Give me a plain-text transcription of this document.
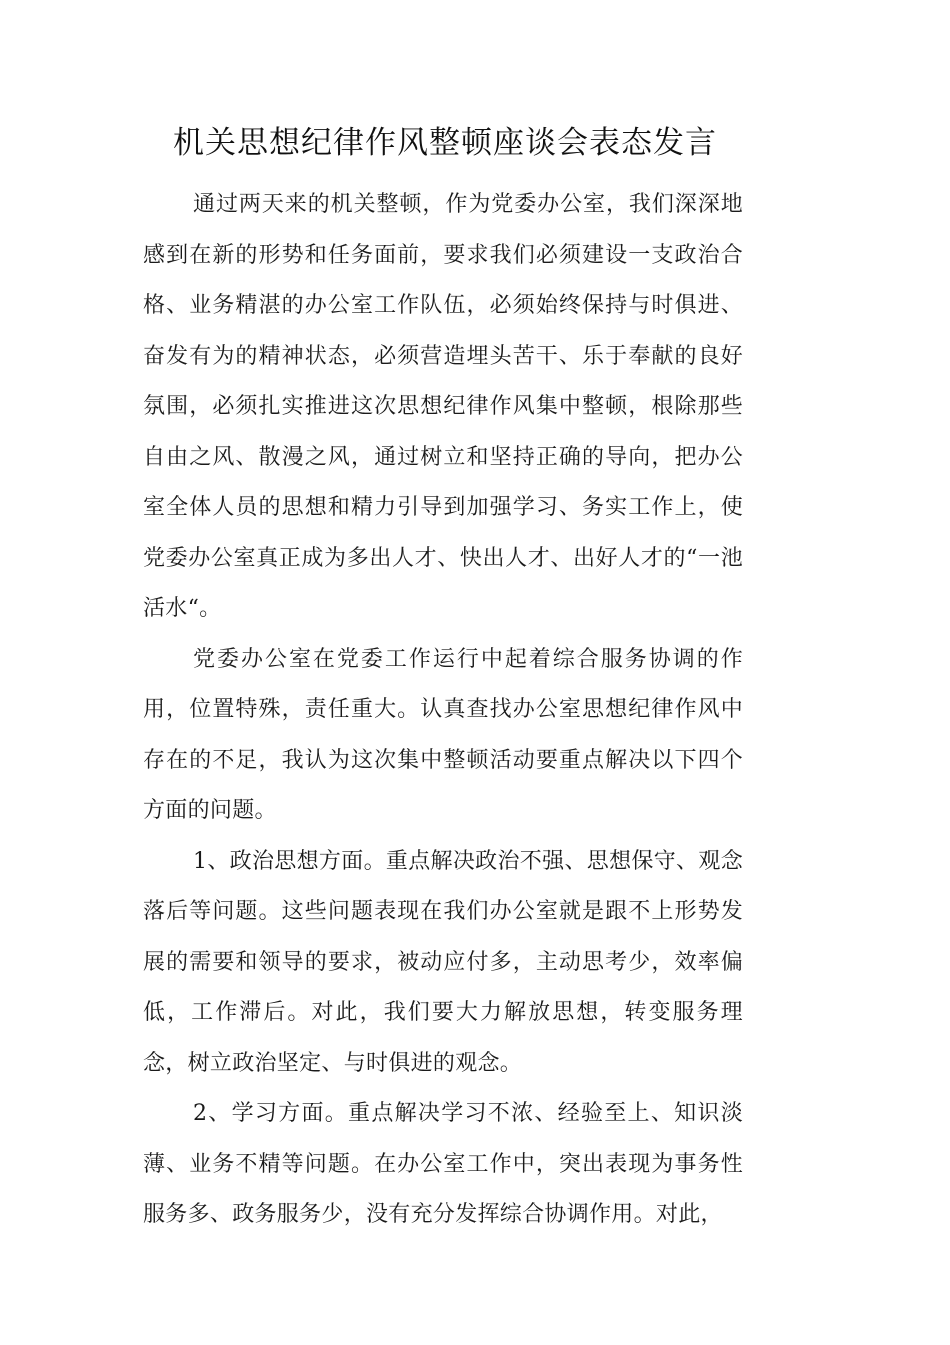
机关思想纪律作风整顿座谈会表态发言

通过两天来的机关整顿，作为党委办公室，我们深深地感到在新的形势和任务面前，要求我们必须建设一支政治合格、业务精湛的办公室工作队伍，必须始终保持与时俱进、奋发有为的精神状态，必须营造埋头苦干、乐于奉献的良好氛围，必须扎实推进这次思想纪律作风集中整顿，根除那些自由之风、散漫之风，通过树立和坚持正确的导向，把办公室全体人员的思想和精力引导到加强学习、务实工作上，使党委办公室真正成为多出人才、快出人才、出好人才的“一池活水“。

党委办公室在党委工作运行中起着综合服务协调的作用，位置特殊，责任重大。认真查找办公室思想纪律作风中存在的不足，我认为这次集中整顿活动要重点解决以下四个方面的问题。

1、政治思想方面。重点解决政治不强、思想保守、观念落后等问题。这些问题表现在我们办公室就是跟不上形势发展的需要和领导的要求，被动应付多，主动思考少，效率偏低，工作滞后。对此，我们要大力解放思想，转变服务理念，树立政治坚定、与时俱进的观念。

2、学习方面。重点解决学习不浓、经验至上、知识淡薄、业务不精等问题。在办公室工作中，突出表现为事务性服务多、政务服务少，没有充分发挥综合协调作用。对此，
